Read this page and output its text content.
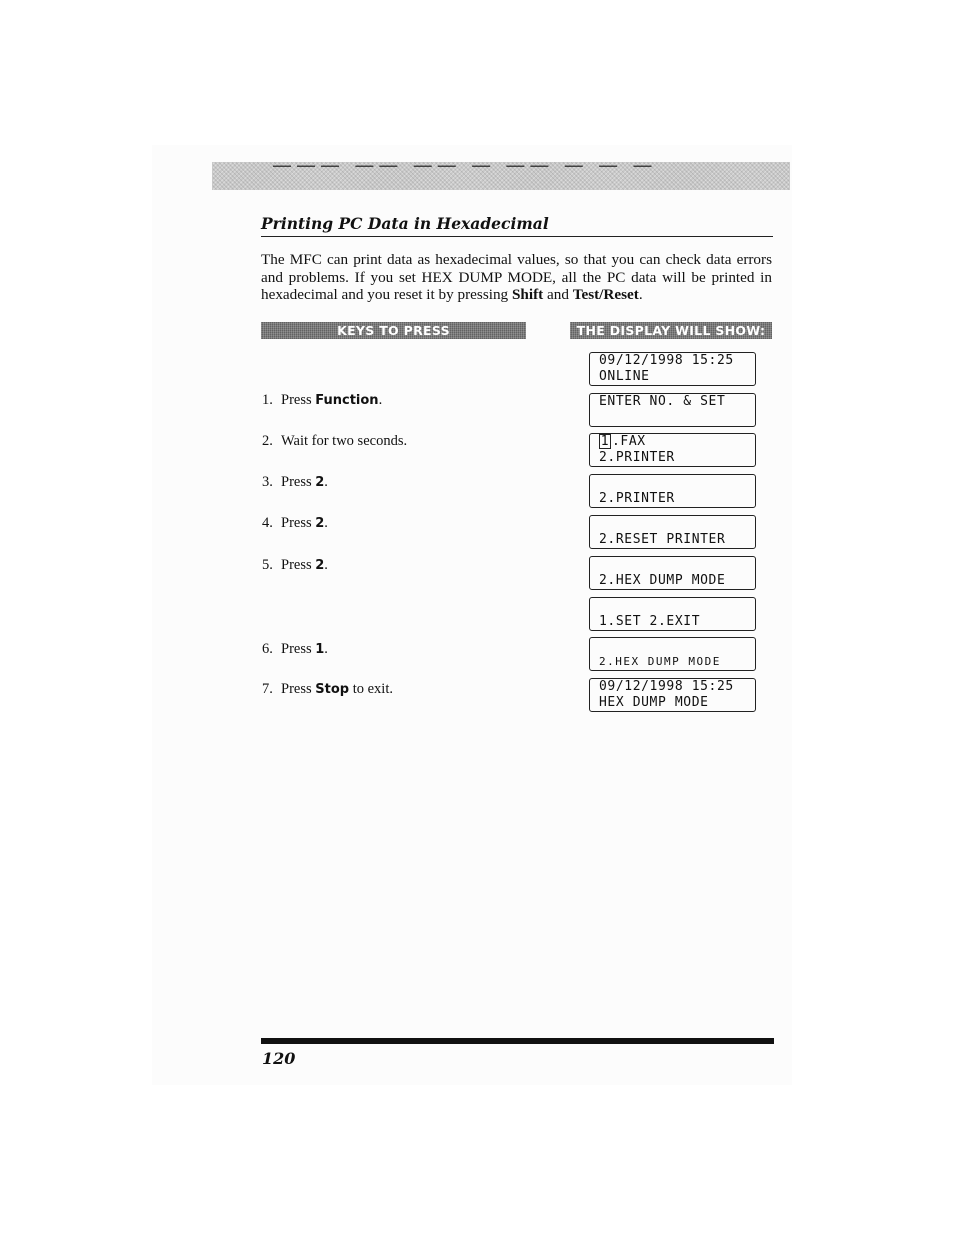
——— —— —— — —— — — —
Printing PC Data in Hexadecimal
The MFC can print data as hexadecimal values, so that you can check data errors and problems. If you set HEX DUMP MODE, all the PC data will be printed in hexadecimal and you reset it by pressing Shift and Test/Reset.
KEYS TO PRESS	THE DISPLAY WILL SHOW:
1. Press Function.
2. Wait for two seconds.
3. Press 2.
4. Press 2.
5. Press 2.
6. Press 1.
7. Press Stop to exit.
09/12/1998 15:25
ONLINE
ENTER NO. & SET
1 .FAX
2.PRINTER
2.PRINTER
2.RESET PRINTER
2.HEX DUMP MODE
1.SET 2.EXIT
2.HEX DUMP MODE
09/12/1998 15:25
HEX DUMP MODE
120
